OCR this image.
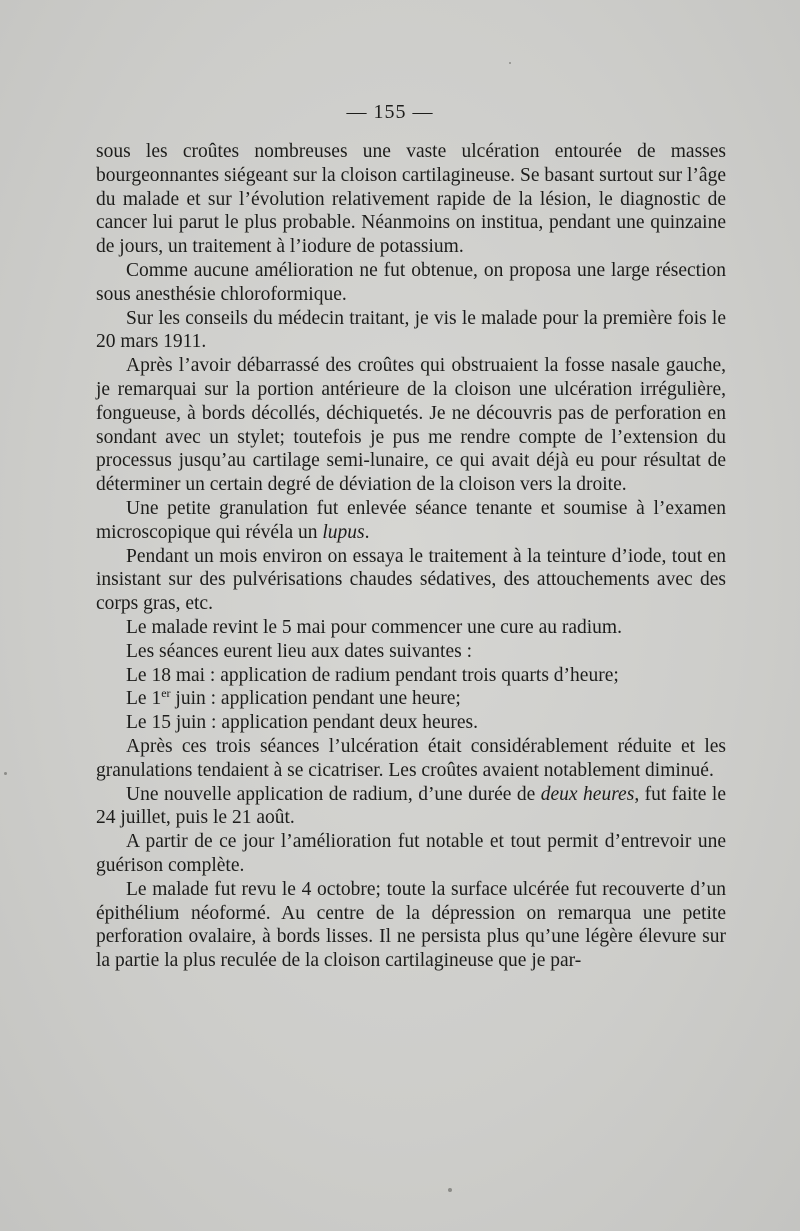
— 155 —

sous les croûtes nombreuses une vaste ulcération entourée de masses bourgeonnantes siégeant sur la cloison cartilagineuse. Se basant surtout sur l’âge du malade et sur l’évolution relativement rapide de la lésion, le diagnostic de cancer lui parut le plus probable. Néanmoins on institua, pendant une quinzaine de jours, un traitement à l’iodure de potassium.

Comme aucune amélioration ne fut obtenue, on proposa une large résection sous anesthésie chloroformique.

Sur les conseils du médecin traitant, je vis le malade pour la première fois le 20 mars 1911.

Après l’avoir débarrassé des croûtes qui obstruaient la fosse nasale gauche, je remarquai sur la portion antérieure de la cloison une ulcération irrégulière, fongueuse, à bords décollés, déchiquetés. Je ne découvris pas de perforation en sondant avec un stylet; toutefois je pus me rendre compte de l’extension du processus jusqu’au cartilage semi-lunaire, ce qui avait déjà eu pour résultat de déterminer un certain degré de déviation de la cloison vers la droite.

Une petite granulation fut enlevée séance tenante et soumise à l’examen microscopique qui révéla un lupus.

Pendant un mois environ on essaya le traitement à la teinture d’iode, tout en insistant sur des pulvérisations chaudes sédatives, des attouchements avec des corps gras, etc.

Le malade revint le 5 mai pour commencer une cure au radium.

Les séances eurent lieu aux dates suivantes :

Le 18 mai : application de radium pendant trois quarts d’heure;

Le 1er juin : application pendant une heure;

Le 15 juin : application pendant deux heures.

Après ces trois séances l’ulcération était considérablement réduite et les granulations tendaient à se cicatriser. Les croûtes avaient notablement diminué.

Une nouvelle application de radium, d’une durée de deux heures, fut faite le 24 juillet, puis le 21 août.

A partir de ce jour l’amélioration fut notable et tout permit d’entrevoir une guérison complète.

Le malade fut revu le 4 octobre; toute la surface ulcérée fut recouverte d’un épithélium néoformé. Au centre de la dépression on remarqua une petite perforation ovalaire, à bords lisses. Il ne persista plus qu’une légère élevure sur la partie la plus reculée de la cloison cartilagineuse que je par-
